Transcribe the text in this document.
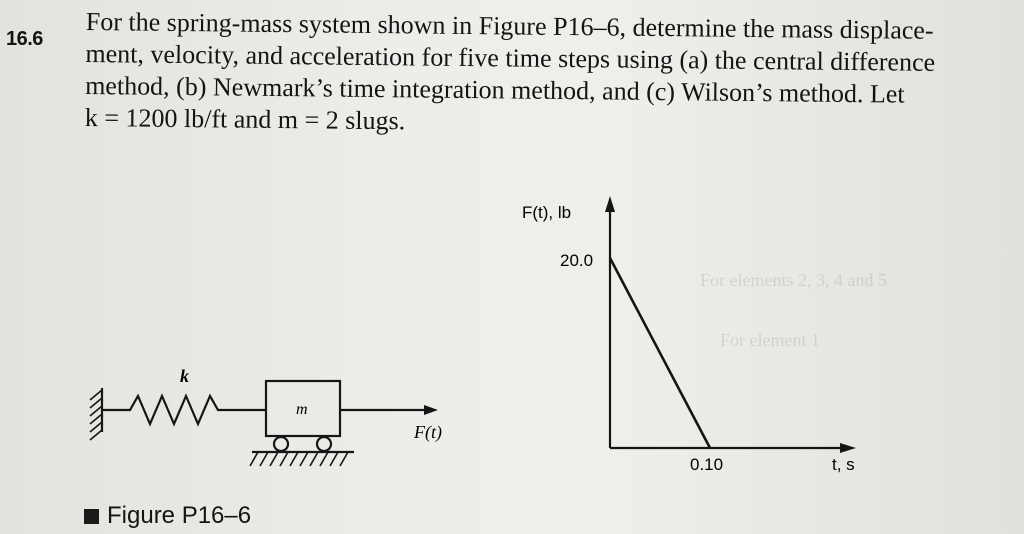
For elements 2, 3, 4 and 5
For element 1
16.6 For the spring-mass system shown in Figure P16–6, determine the mass displace-
ment, velocity, and acceleration for five time steps using (a) the central difference
method, (b) Newmark’s time integration method, and (c) Wilson’s method. Let
k = 1200 lb/ft and m = 2 slugs.
k
m
F(t)
F(t), lb
20.0
0.10	t, s
Figure P16–6
